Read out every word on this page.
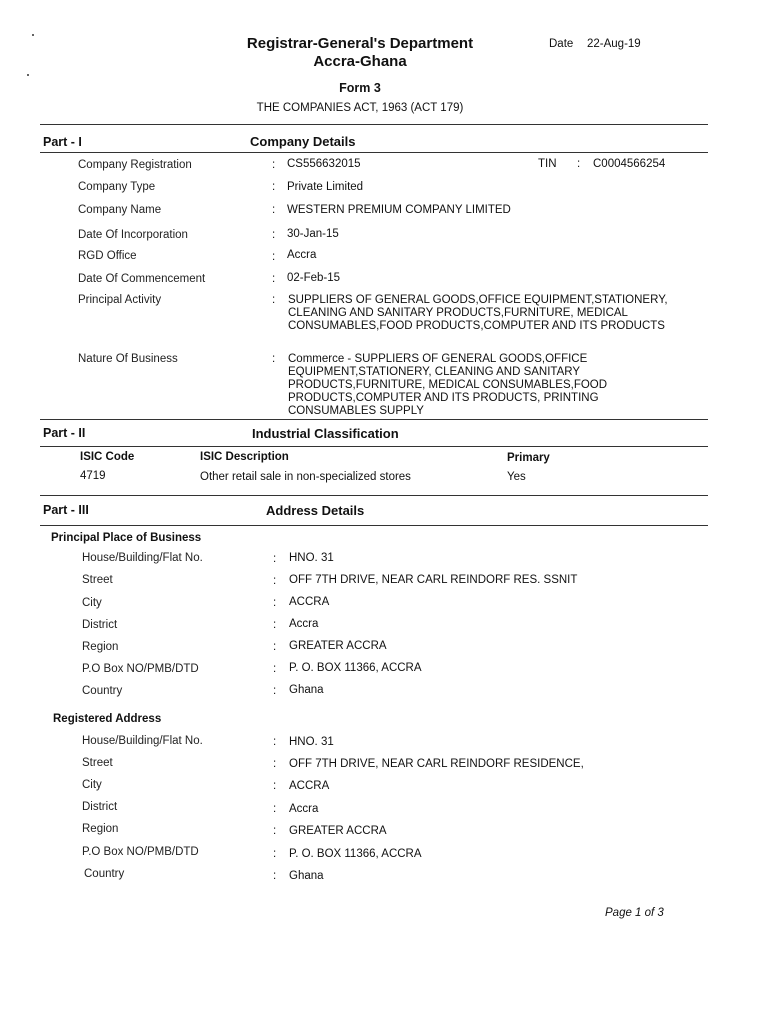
Registrar-General's Department
Accra-Ghana
Date 22-Aug-19
Form 3
THE COMPANIES ACT, 1963 (ACT 179)
Part - I	Company Details
Company Registration	: CS556632015	TIN : C0004566254
Company Type	: Private Limited
Company Name	: WESTERN PREMIUM COMPANY LIMITED
Date Of Incorporation	: 30-Jan-15
RGD Office	: Accra
Date Of Commencement	: 02-Feb-15
Principal Activity	: SUPPLIERS OF GENERAL GOODS,OFFICE EQUIPMENT,STATIONERY, CLEANING AND SANITARY PRODUCTS,FURNITURE, MEDICAL CONSUMABLES,FOOD PRODUCTS,COMPUTER AND ITS PRODUCTS
Nature Of Business	: Commerce - SUPPLIERS OF GENERAL GOODS,OFFICE EQUIPMENT,STATIONERY, CLEANING AND SANITARY PRODUCTS,FURNITURE, MEDICAL CONSUMABLES,FOOD PRODUCTS,COMPUTER AND ITS PRODUCTS, PRINTING CONSUMABLES SUPPLY
Part - II	Industrial Classification
ISIC Code	ISIC Description	Primary
4719	Other retail sale in non-specialized stores	Yes
Part - III	Address Details
Principal Place of Business
House/Building/Flat No.	: HNO. 31
Street	: OFF 7TH DRIVE, NEAR CARL REINDORF RES. SSNIT
City	: ACCRA
District	: Accra
Region	: GREATER ACCRA
P.O Box NO/PMB/DTD	: P. O. BOX 11366, ACCRA
Country	: Ghana
Registered Address
House/Building/Flat No.	: HNO. 31
Street	: OFF 7TH DRIVE, NEAR CARL REINDORF RESIDENCE,
City	: ACCRA
District	: Accra
Region	: GREATER ACCRA
P.O Box NO/PMB/DTD	: P. O. BOX 11366, ACCRA
Country	: Ghana
Page 1 of 3
